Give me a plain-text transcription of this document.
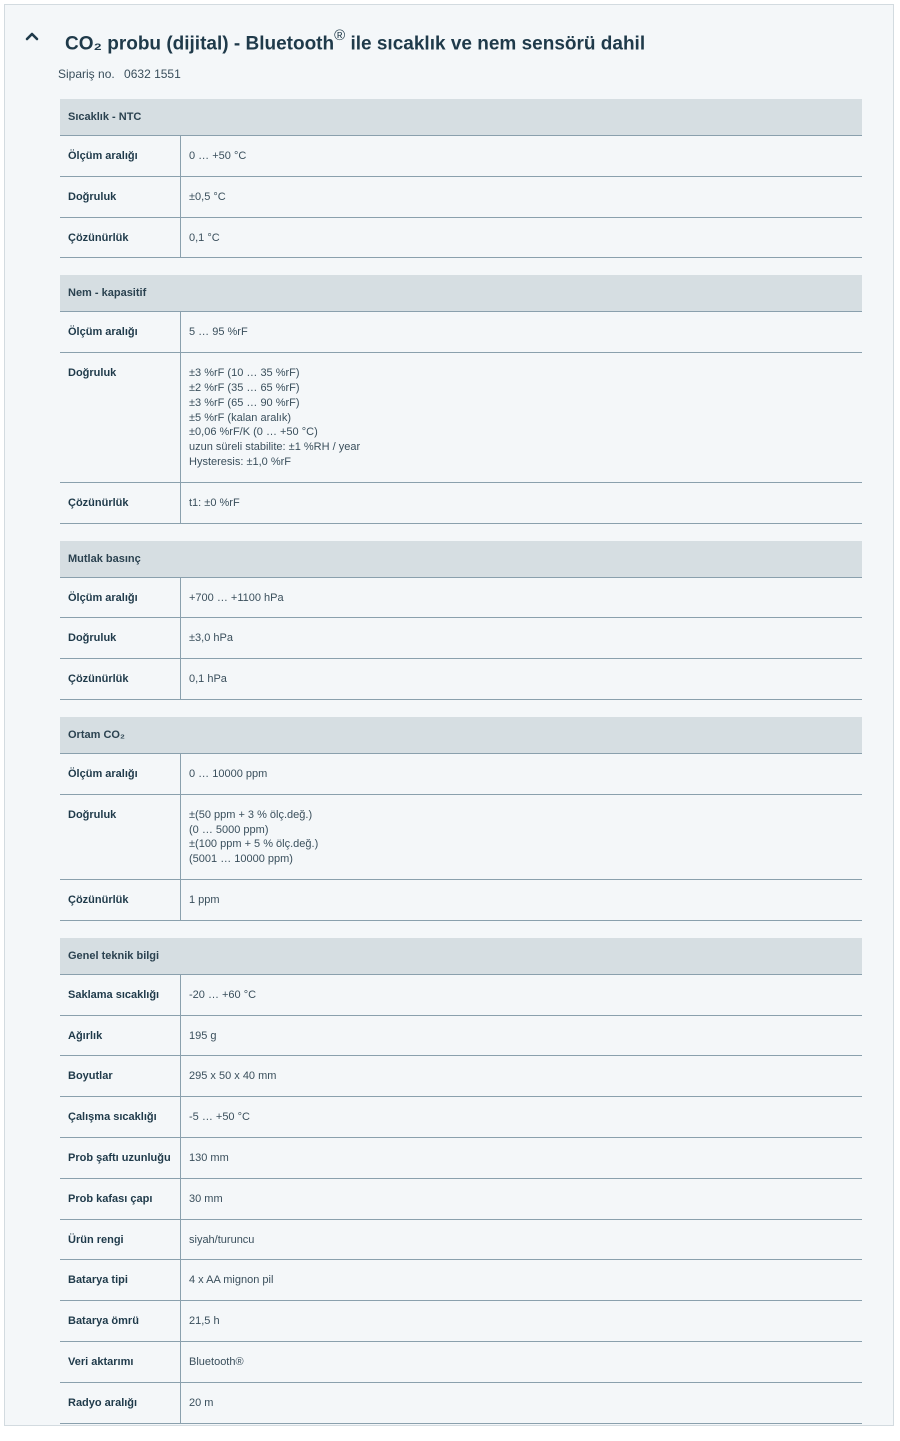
CO₂ probu (dijital) - Bluetooth® ile sıcaklık ve nem sensörü dahil
Sipariş no. 0632 1551
Sıcaklık - NTC
Ölçüm aralığı	0 … +50 °C
Doğruluk	±0,5 °C
Çözünürlük	0,1 °C
Nem - kapasitif
Ölçüm aralığı	5 … 95 %rF
Doğruluk	±3 %rF (10 … 35 %rF)
±2 %rF (35 … 65 %rF)
±3 %rF (65 … 90 %rF)
±5 %rF (kalan aralık)
±0,06 %rF/K (0 … +50 °C)
uzun süreli stabilite: ±1 %RH / year
Hysteresis: ±1,0 %rF
Çözünürlük	t1: ±0 %rF
Mutlak basınç
Ölçüm aralığı	+700 … +1100 hPa
Doğruluk	±3,0 hPa
Çözünürlük	0,1 hPa
Ortam CO₂
Ölçüm aralığı	0 … 10000 ppm
Doğruluk	±(50 ppm + 3 % ölç.değ.)
(0 … 5000 ppm)
±(100 ppm + 5 % ölç.değ.)
(5001 … 10000 ppm)
Çözünürlük	1 ppm
Genel teknik bilgi
Saklama sıcaklığı	-20 … +60 °C
Ağırlık	195 g
Boyutlar	295 x 50 x 40 mm
Çalışma sıcaklığı	-5 … +50 °C
Prob şaftı uzunluğu	130 mm
Prob kafası çapı	30 mm
Ürün rengi	siyah/turuncu
Batarya tipi	4 x AA mignon pil
Batarya ömrü	21,5 h
Veri aktarımı	Bluetooth®
Radyo aralığı	20 m
